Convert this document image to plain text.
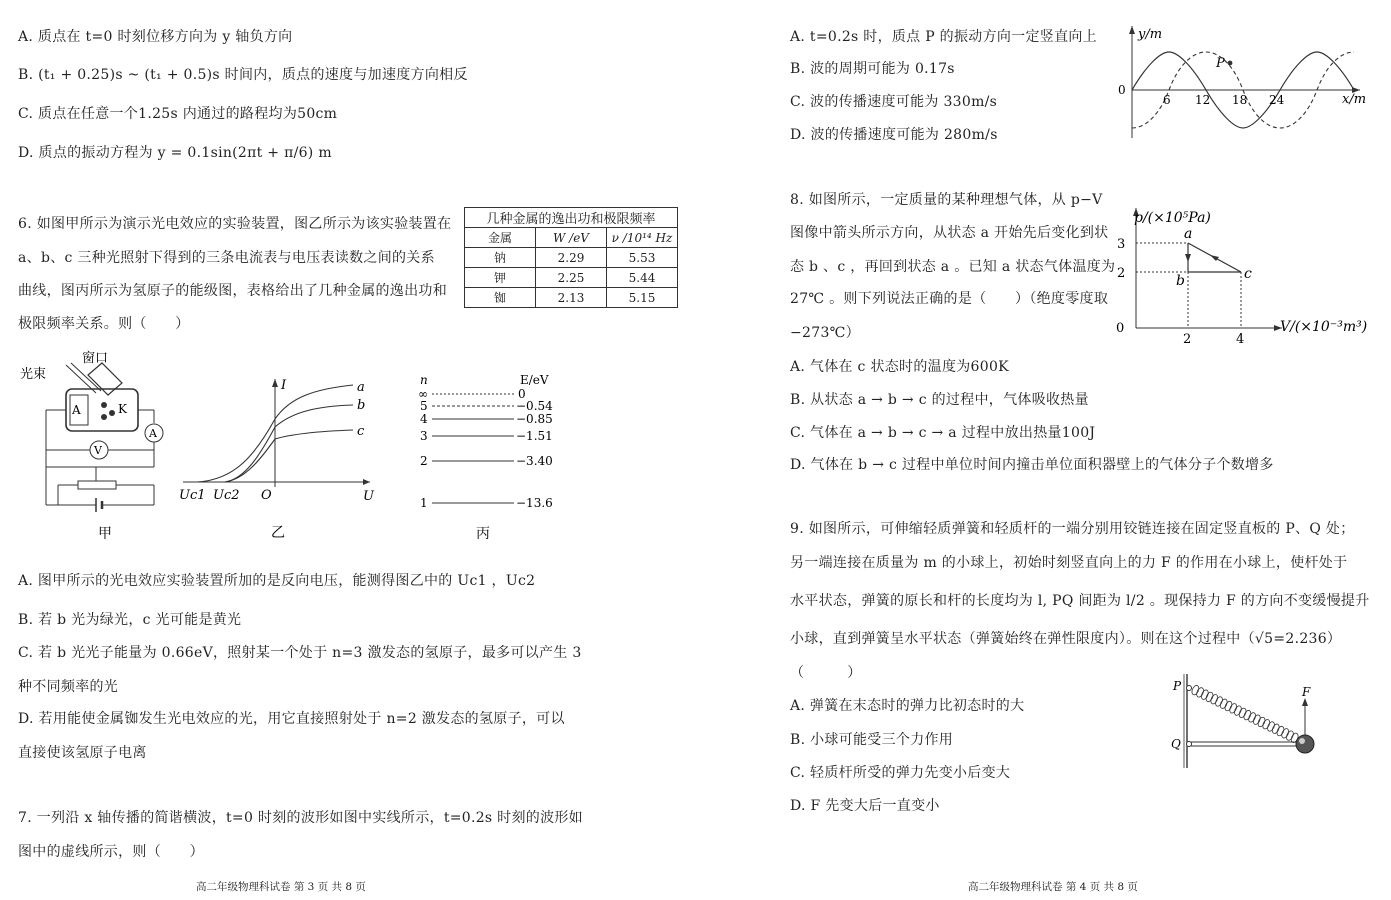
A. 质点在 t=0 时刻位移方向为 y 轴负方向
B. (t₁ + 0.25)s ~ (t₁ + 0.5)s 时间内，质点的速度与加速度方向相反
C. 质点在任意一个1.25s 内通过的路程均为50cm
D. 质点的振动方程为 y = 0.1sin(2πt + π/6) m
6. 如图甲所示为演示光电效应的实验装置，图乙所示为该实验装置在
a、b、c 三种光照射下得到的三条电流表与电压表读数之间的关系
曲线，图丙所示为氢原子的能级图，表格给出了几种金属的逸出功和
极限频率关系。则（　　）
几种金属的逸出功和极限频率		
金属	W /eV	ν /10¹⁴ Hz
钠	2.29	5.53
钾	2.25	5.44
铷	2.13	5.15
窗口
光束
A	K
A
V
甲
I
U
O
Uc1 Uc2
a
b
c
乙
n	E/eV
∞	0
5	−0.54
4	−0.85
3	−1.51
2	−3.40
1	−13.6
丙
A. 图甲所示的光电效应实验装置所加的是反向电压，能测得图乙中的 Uc1 ，Uc2
B. 若 b 光为绿光，c 光可能是黄光
C. 若 b 光光子能量为 0.66eV，照射某一个处于 n=3 激发态的氢原子，最多可以产生 3
种不同频率的光
D. 若用能使金属铷发生光电效应的光，用它直接照射处于 n=2 激发态的氢原子，可以
直接使该氢原子电离
7. 一列沿 x 轴传播的简谐横波，t=0 时刻的波形如图中实线所示，t=0.2s 时刻的波形如
图中的虚线所示，则（　　）
高二年级物理科试卷 第 3 页 共 8 页
A. t=0.2s 时，质点 P 的振动方向一定竖直向上
B. 波的周期可能为 0.17s
C. 波的传播速度可能为 330m/s
D. 波的传播速度可能为 280m/s
y/m
x/m
0
P
6 12 18 24
8. 如图所示，一定质量的某种理想气体，从 p−V
图像中箭头所示方向，从状态 a 开始先后变化到状
态 b 、c ，再回到状态 a 。已知 a 状态气体温度为
27℃ 。则下列说法正确的是（　　）（绝度零度取
−273℃）
p/(×10⁵Pa)
V/(×10⁻³m³)
0
3
2
2	4
a
b	c
A. 气体在 c 状态时的温度为600K
B. 从状态 a → b → c 的过程中，气体吸收热量
C. 气体在 a → b → c → a 过程中放出热量100J
D. 气体在 b → c 过程中单位时间内撞击单位面积器壁上的气体分子个数增多
9. 如图所示，可伸缩轻质弹簧和轻质杆的一端分别用铰链连接在固定竖直板的 P、Q 处；
另一端连接在质量为 m 的小球上，初始时刻竖直向上的力 F 的作用在小球上，使杆处于
水平状态，弹簧的原长和杆的长度均为 l, PQ 间距为 l/2 。现保持力 F 的方向不变缓慢提升
小球，直到弹簧呈水平状态（弹簧始终在弹性限度内）。则在这个过程中（√5=2.236）
（　　　）
P
Q
F
A. 弹簧在末态时的弹力比初态时的大
B. 小球可能受三个力作用
C. 轻质杆所受的弹力先变小后变大
D. F 先变大后一直变小
高二年级物理科试卷 第 4 页 共 8 页
